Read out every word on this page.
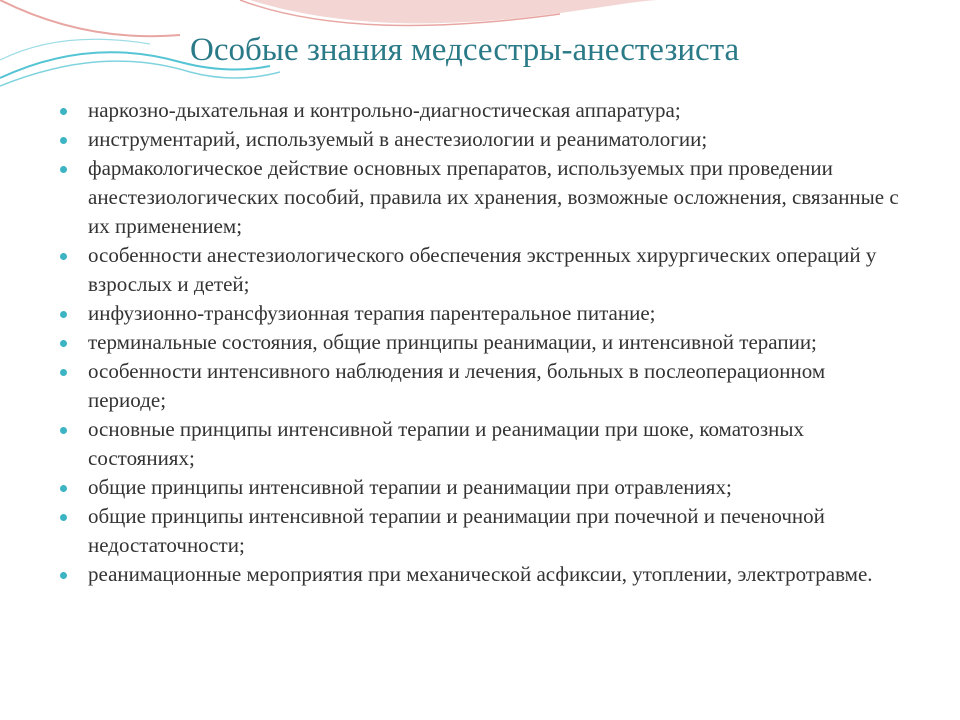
Особые знания медсестры-анестезиста
наркозно-дыхательная и контрольно-диагностическая аппаратура;
инструментарий, используемый в анестезиологии и реаниматологии;
фармакологическое действие основных препаратов, используемых при проведении анестезиологических пособий, правила их хранения, возможные осложнения, связанные с их применением;
особенности анестезиологического обеспечения экстренных хирургических операций у взрослых и детей;
инфузионно-трансфузионная терапия парентеральное питание;
терминальные состояния, общие принципы реанимации, и интенсивной терапии;
особенности интенсивного наблюдения и лечения, больных в послеоперационном периоде;
основные принципы интенсивной терапии и реанимации при шоке, коматозных состояниях;
общие принципы интенсивной терапии и реанимации при отравлениях;
общие принципы интенсивной терапии и реанимации при почечной и печеночной недостаточности;
реанимационные мероприятия при механической асфиксии, утоплении, электротравме.
